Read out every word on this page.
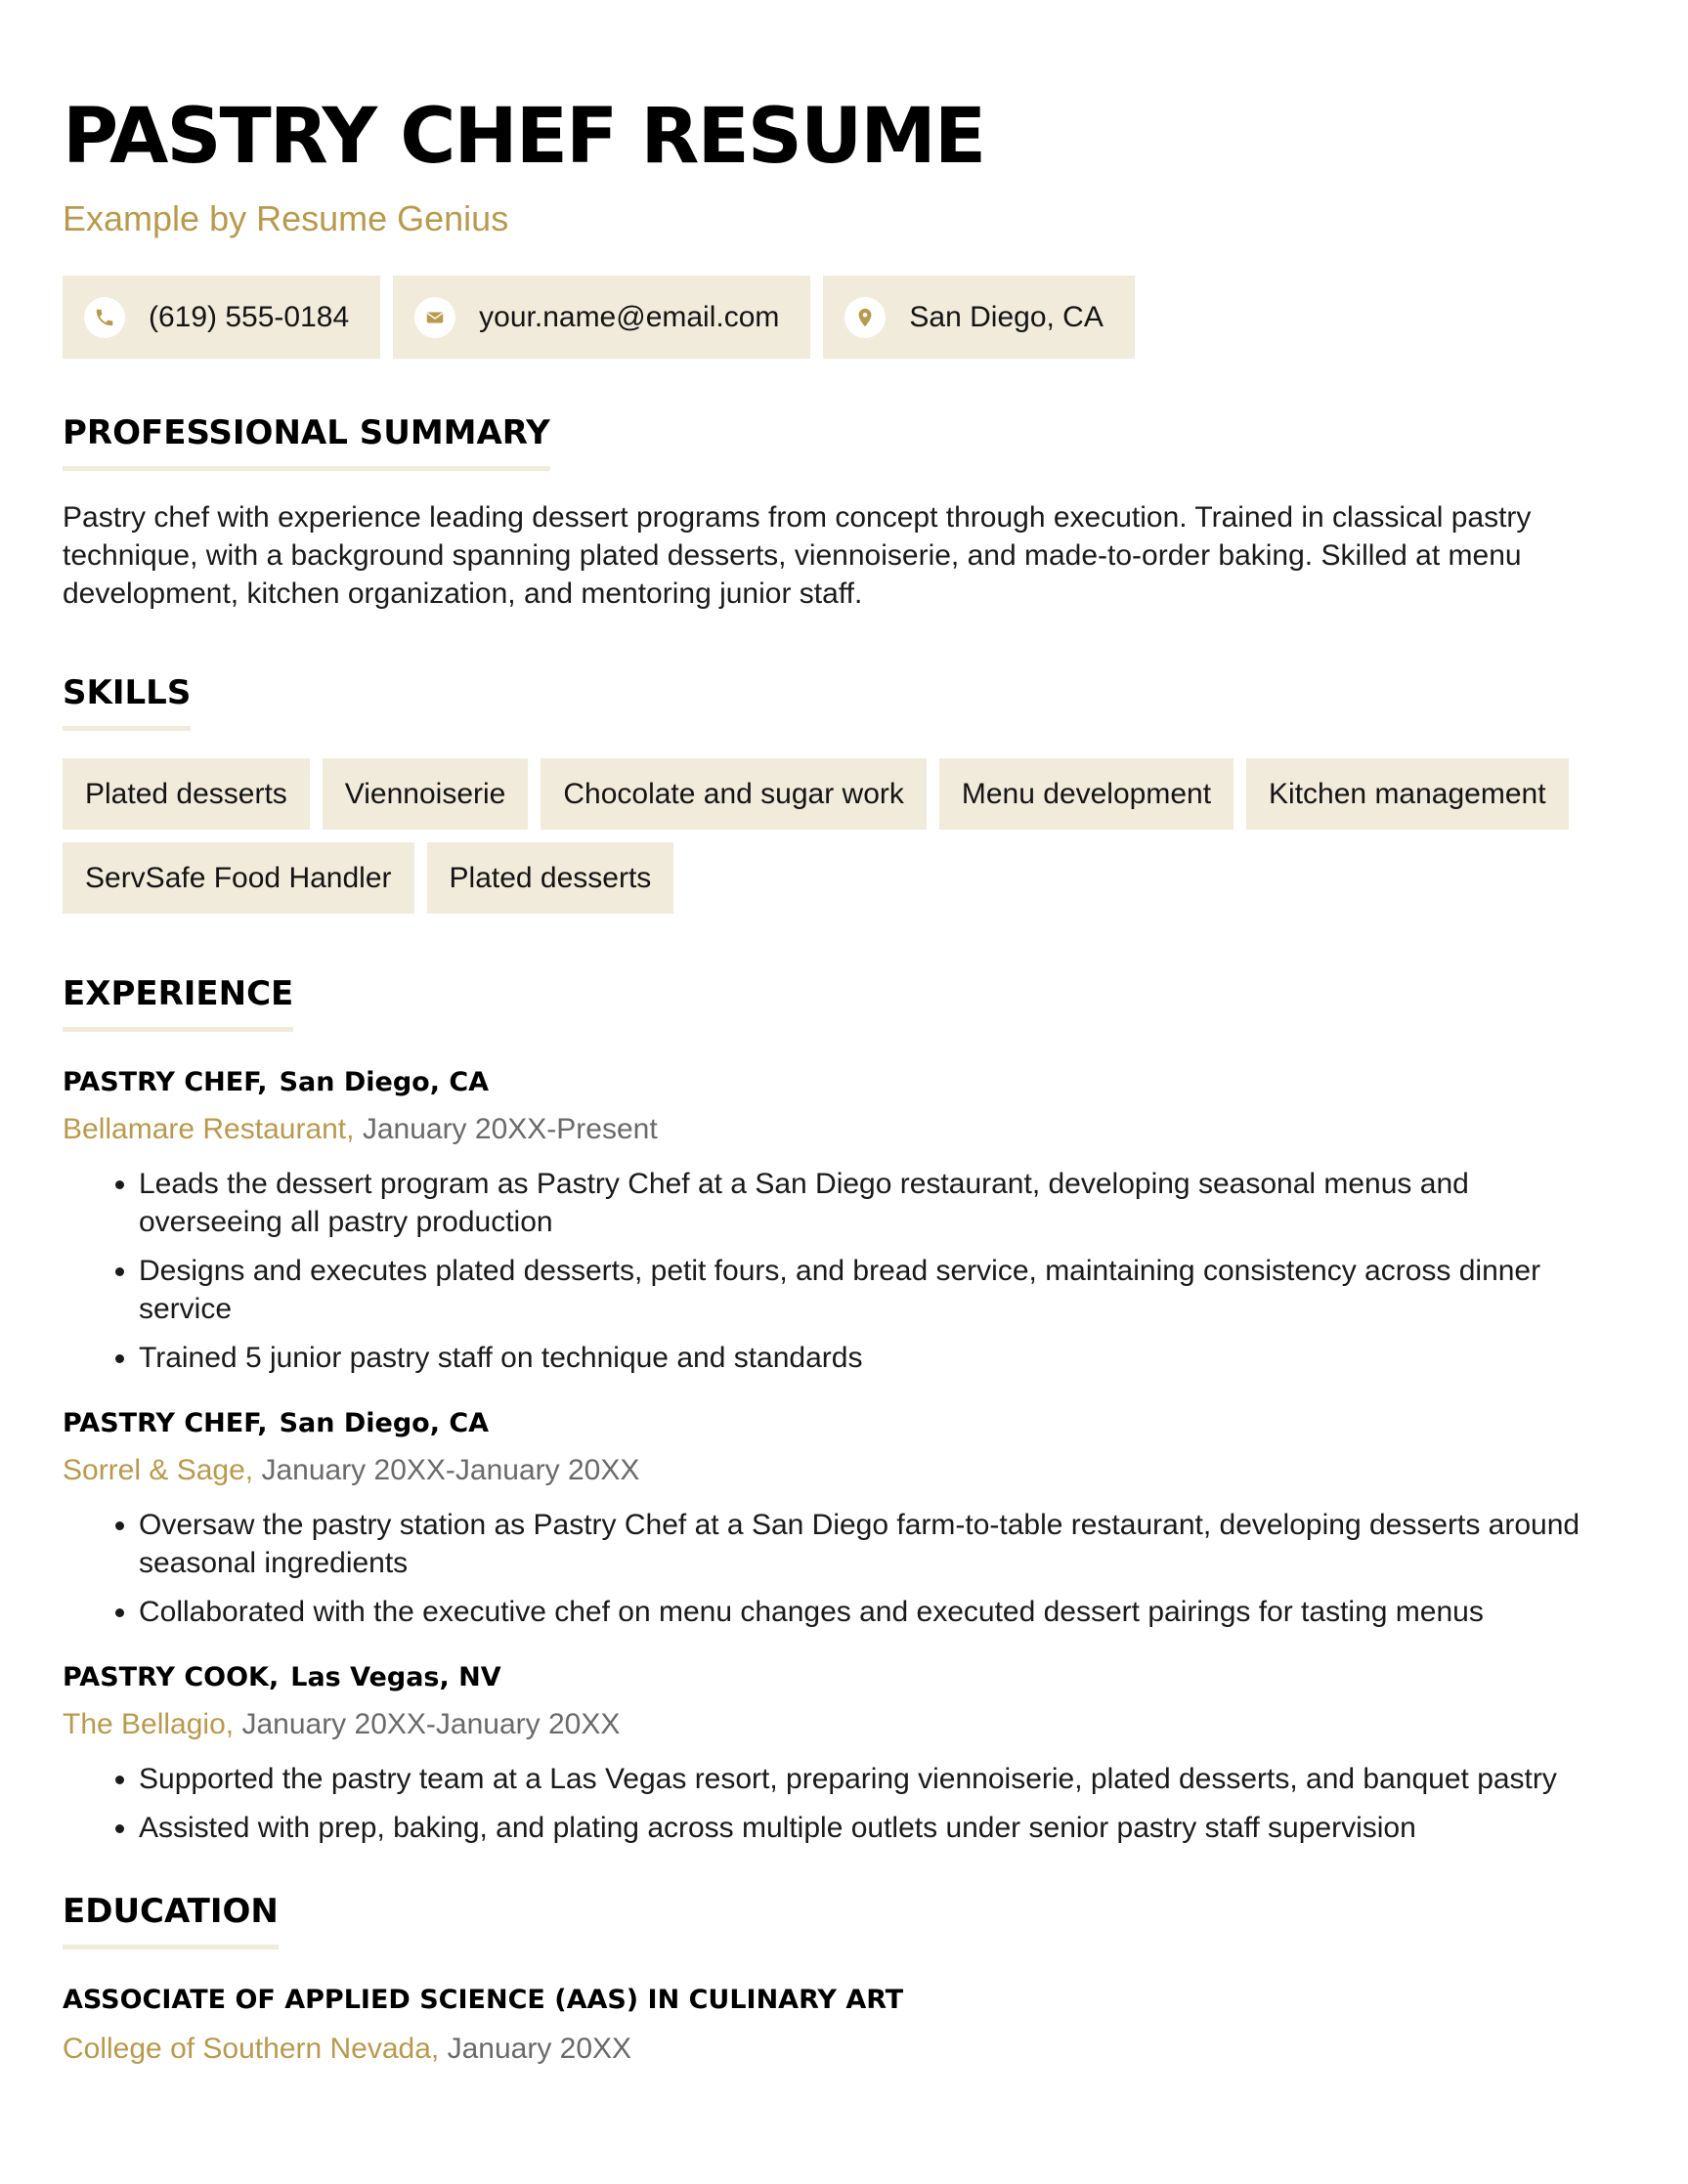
PASTRY CHEF RESUME
Example by Resume Genius
(619) 555-0184	your.name@email.com	San Diego, CA
PROFESSIONAL SUMMARY
Pastry chef with experience leading dessert programs from concept through execution. Trained in classical pastry technique, with a background spanning plated desserts, viennoiserie, and made-to-order baking. Skilled at menu development, kitchen organization, and mentoring junior staff.
SKILLS
Plated desserts	Viennoiserie	Chocolate and sugar work	Menu development	Kitchen management
ServSafe Food Handler	Plated desserts
EXPERIENCE
PASTRY CHEF, San Diego, CA
Bellamare Restaurant, January 20XX-Present
• Leads the dessert program as Pastry Chef at a San Diego restaurant, developing seasonal menus and overseeing all pastry production
• Designs and executes plated desserts, petit fours, and bread service, maintaining consistency across dinner service
• Trained 5 junior pastry staff on technique and standards
PASTRY CHEF, San Diego, CA
Sorrel & Sage, January 20XX-January 20XX
• Oversaw the pastry station as Pastry Chef at a San Diego farm-to-table restaurant, developing desserts around seasonal ingredients
• Collaborated with the executive chef on menu changes and executed dessert pairings for tasting menus
PASTRY COOK, Las Vegas, NV
The Bellagio, January 20XX-January 20XX
• Supported the pastry team at a Las Vegas resort, preparing viennoiserie, plated desserts, and banquet pastry
• Assisted with prep, baking, and plating across multiple outlets under senior pastry staff supervision
EDUCATION
ASSOCIATE OF APPLIED SCIENCE (AAS) IN CULINARY ART
College of Southern Nevada, January 20XX
